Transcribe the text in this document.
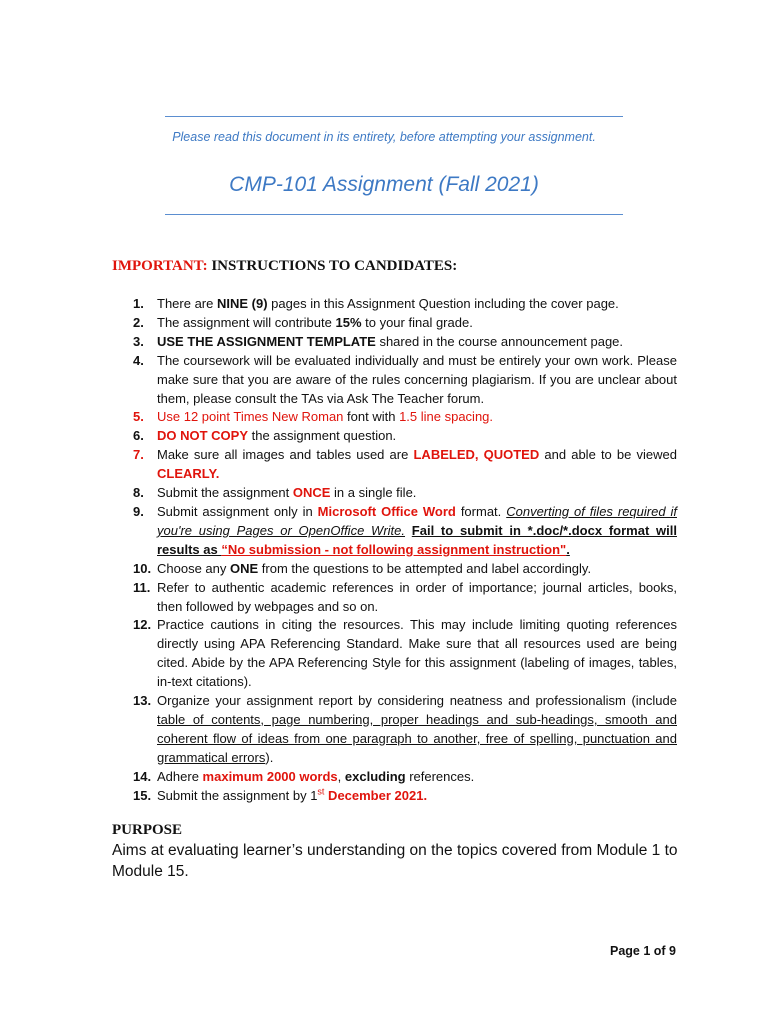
Please read this document in its entirety, before attempting your assignment.
CMP-101 Assignment (Fall 2021)
IMPORTANT: INSTRUCTIONS TO CANDIDATES:
1.	There are NINE (9) pages in this Assignment Question including the cover page.
2.	The assignment will contribute 15% to your final grade.
3.	USE THE ASSIGNMENT TEMPLATE shared in the course announcement page.
4.	The coursework will be evaluated individually and must be entirely your own work. Please make sure that you are aware of the rules concerning plagiarism. If you are unclear about them, please consult the TAs via Ask The Teacher forum.
5.	Use 12 point Times New Roman font with 1.5 line spacing.
6.	DO NOT COPY the assignment question.
7.	Make sure all images and tables used are LABELED, QUOTED and able to be viewed CLEARLY.
8.	Submit the assignment ONCE in a single file.
9.	Submit assignment only in Microsoft Office Word format. Converting of files required if you're using Pages or OpenOffice Write. Fail to submit in *.doc/*.docx format will results as “No submission - not following assignment instruction".
10. Choose any ONE from the questions to be attempted and label accordingly.
11. Refer to authentic academic references in order of importance; journal articles, books, then followed by webpages and so on.
12. Practice cautions in citing the resources. This may include limiting quoting references directly using APA Referencing Standard. Make sure that all resources used are being cited. Abide by the APA Referencing Style for this assignment (labeling of images, tables, in-text citations).
13. Organize your assignment report by considering neatness and professionalism (include table of contents, page numbering, proper headings and sub-headings, smooth and coherent flow of ideas from one paragraph to another, free of spelling, punctuation and grammatical errors).
14. Adhere maximum 2000 words, excluding references.
15. Submit the assignment by 1st December 2021.
PURPOSE
Aims at evaluating learner’s understanding on the topics covered from Module 1 to Module 15.
Page 1 of 9
